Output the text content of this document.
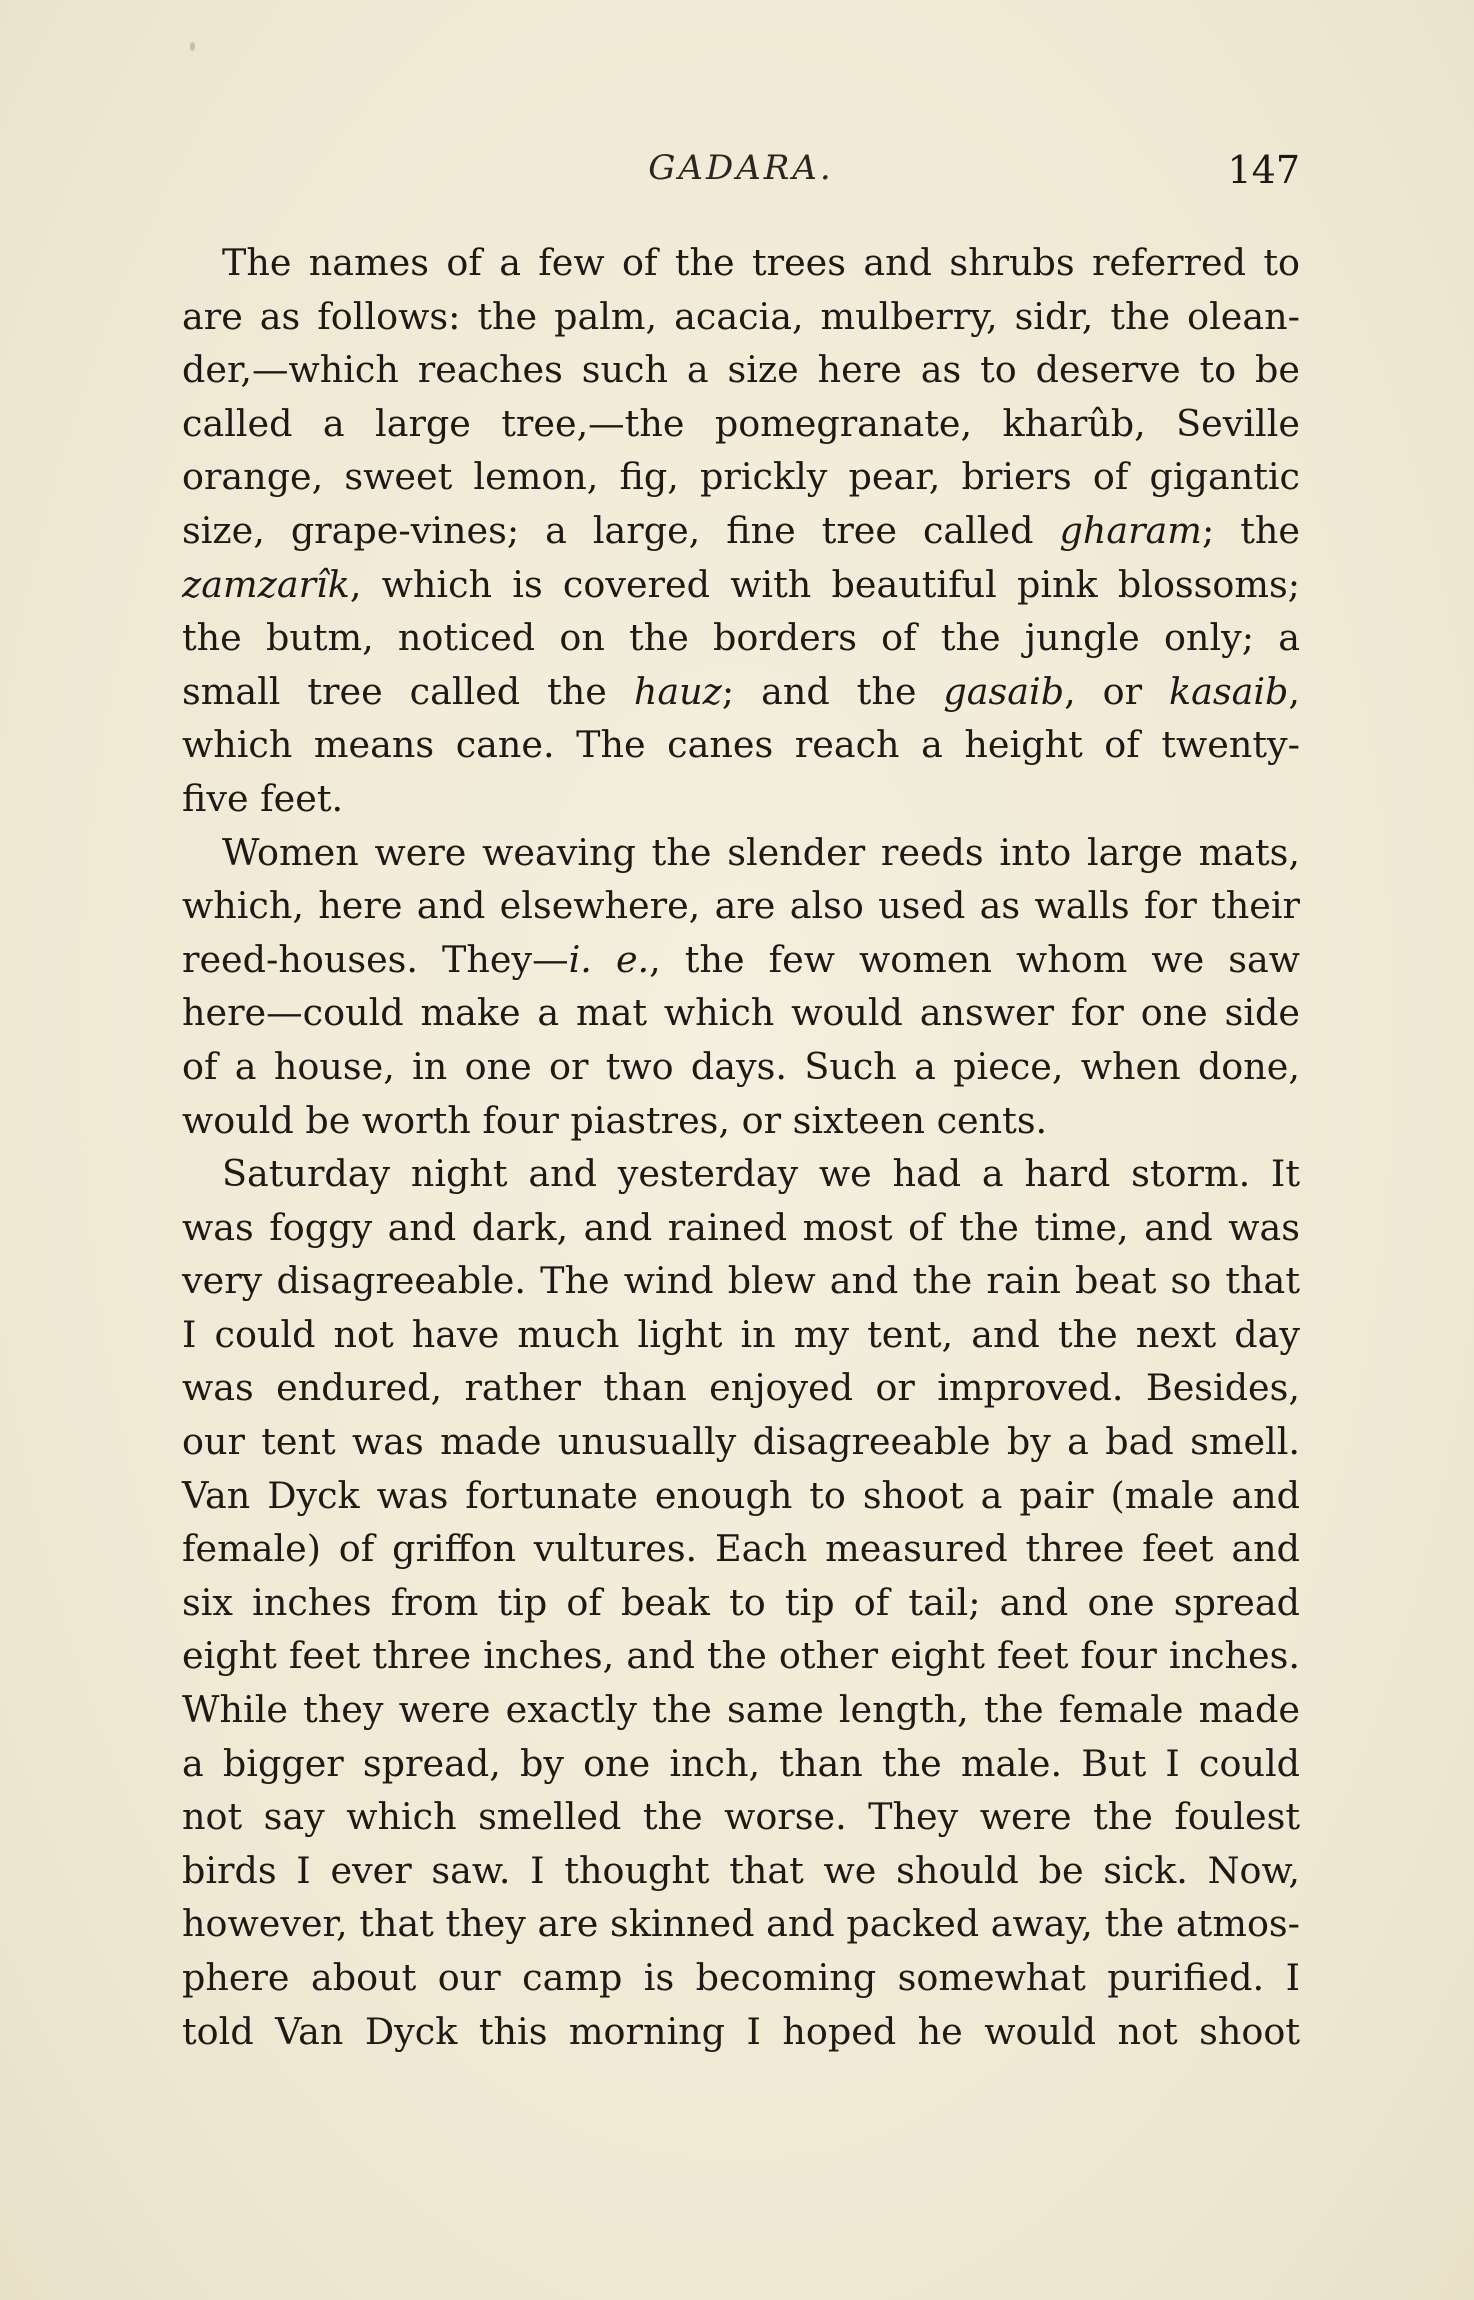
GADARA.	147
The names of a few of the trees and shrubs referred to
are as follows: the palm, acacia, mulberry, sidr, the olean-
der,—which reaches such a size here as to deserve to be
called a large tree,—the pomegranate, kharûb, Seville
orange, sweet lemon, fig, prickly pear, briers of gigantic
size, grape-vines; a large, fine tree called gharam; the
zamzarîk, which is covered with beautiful pink blossoms;
the butm, noticed on the borders of the jungle only; a
small tree called the hauz; and the gasaib, or kasaib,
which means cane. The canes reach a height of twenty-
five feet.
Women were weaving the slender reeds into large mats,
which, here and elsewhere, are also used as walls for their
reed-houses. They—i. e., the few women whom we saw
here—could make a mat which would answer for one side
of a house, in one or two days. Such a piece, when done,
would be worth four piastres, or sixteen cents.
Saturday night and yesterday we had a hard storm. It
was foggy and dark, and rained most of the time, and was
very disagreeable. The wind blew and the rain beat so that
I could not have much light in my tent, and the next day
was endured, rather than enjoyed or improved. Besides,
our tent was made unusually disagreeable by a bad smell.
Van Dyck was fortunate enough to shoot a pair (male and
female) of griffon vultures. Each measured three feet and
six inches from tip of beak to tip of tail; and one spread
eight feet three inches, and the other eight feet four inches.
While they were exactly the same length, the female made
a bigger spread, by one inch, than the male. But I could
not say which smelled the worse. They were the foulest
birds I ever saw. I thought that we should be sick. Now,
however, that they are skinned and packed away, the atmos-
phere about our camp is becoming somewhat purified. I
told Van Dyck this morning I hoped he would not shoot
